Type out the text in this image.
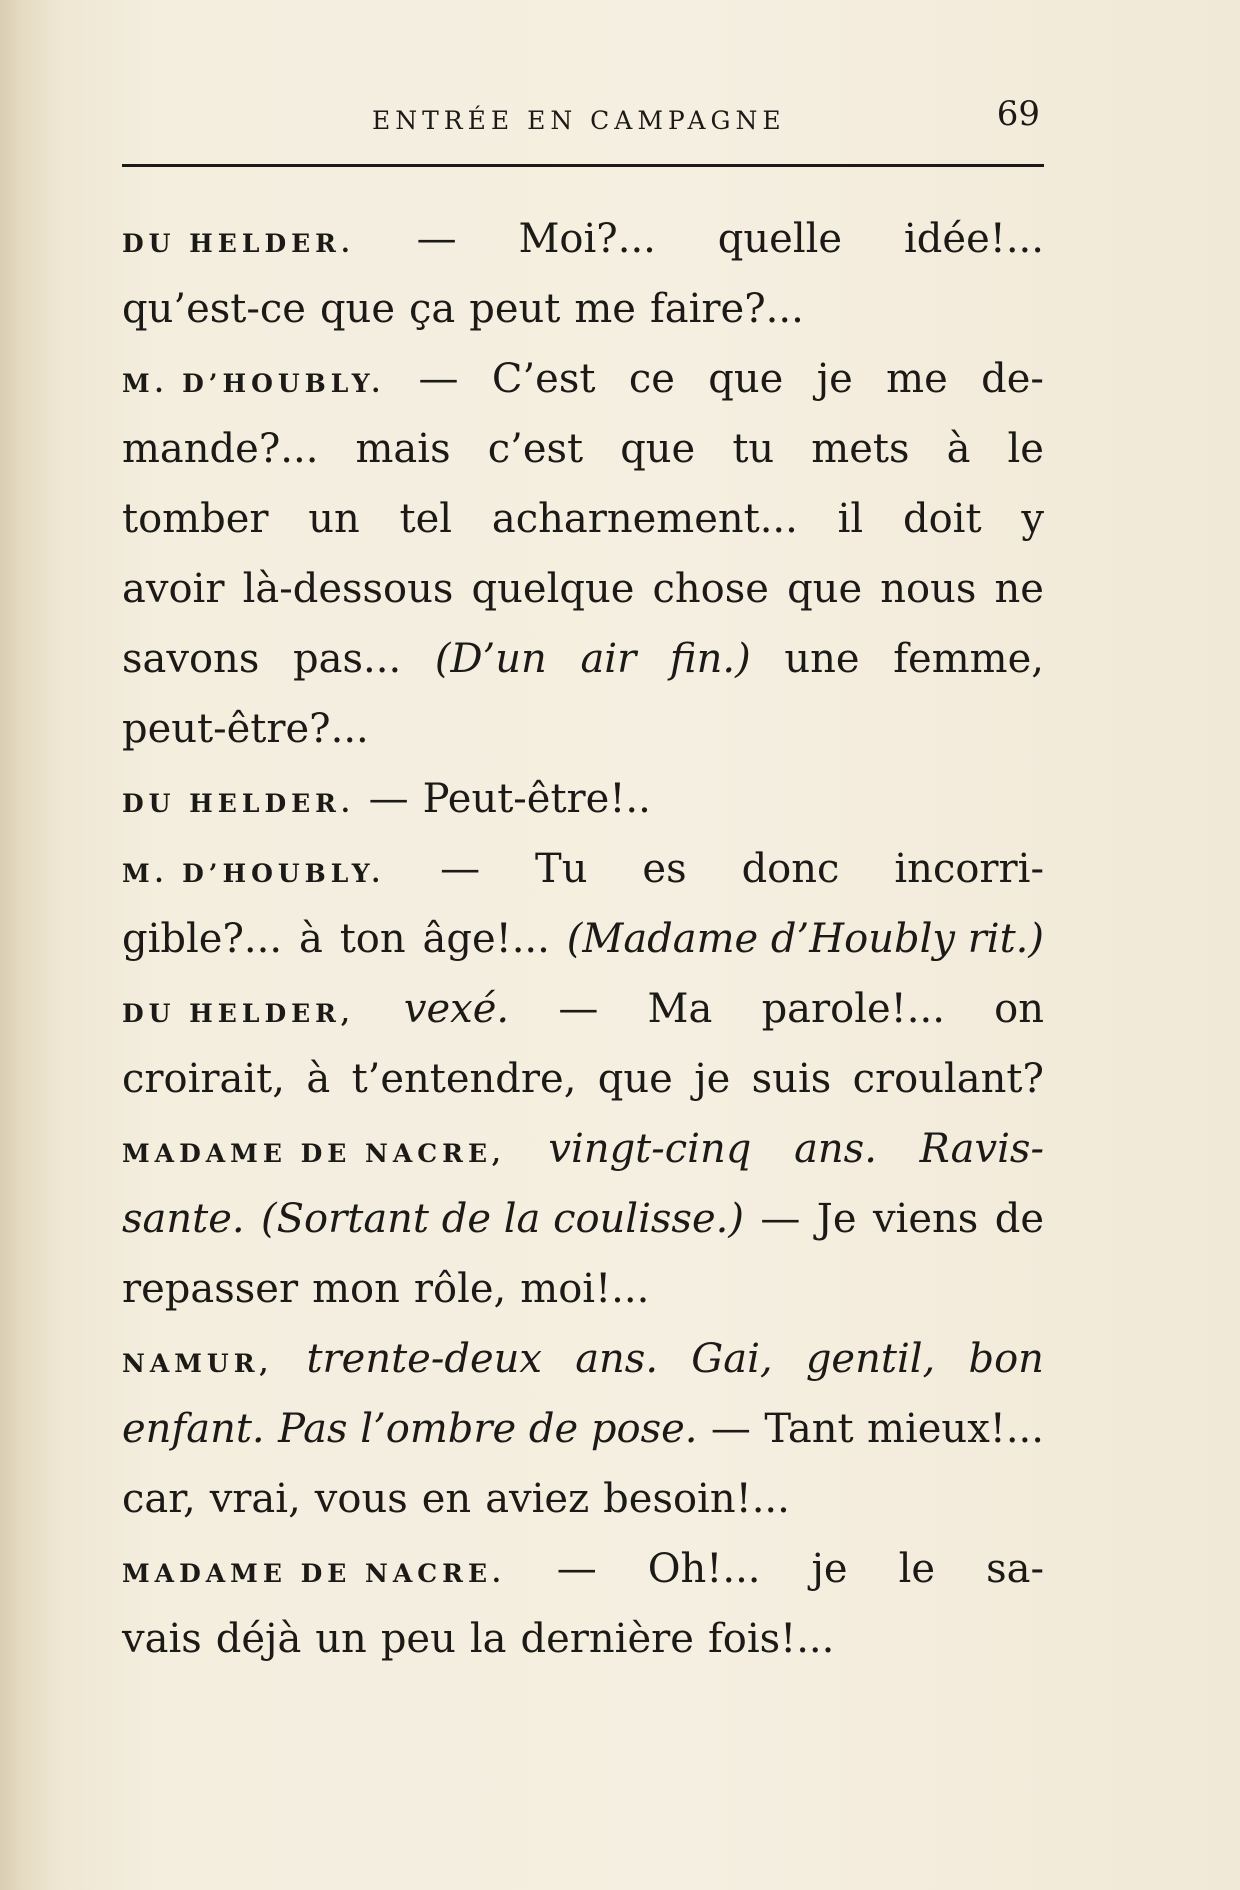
ENTRÉE EN CAMPAGNE	69
DU HELDER. — Moi?... quelle idée!...
qu’est-ce que ça peut me faire?...
M. D’HOUBLY. — C’est ce que je me de-
mande?... mais c’est que tu mets à le
tomber un tel acharnement... il doit y
avoir là-dessous quelque chose que nous ne
savons pas... (D’un air fin.) une femme,
peut-être?...
DU HELDER. — Peut-être!..
M. D’HOUBLY. — Tu es donc incorri-
gible?... à ton âge!... (Madame d’Houbly rit.)
DU HELDER, vexé. — Ma parole!... on
croirait, à t’entendre, que je suis croulant?
MADAME DE NACRE, vingt-cinq ans. Ravis-
sante. (Sortant de la coulisse.) — Je viens de
repasser mon rôle, moi!...
NAMUR, trente-deux ans. Gai, gentil, bon
enfant. Pas l’ombre de pose. — Tant mieux!...
car, vrai, vous en aviez besoin!...
MADAME DE NACRE. — Oh!... je le sa-
vais déjà un peu la dernière fois!...
